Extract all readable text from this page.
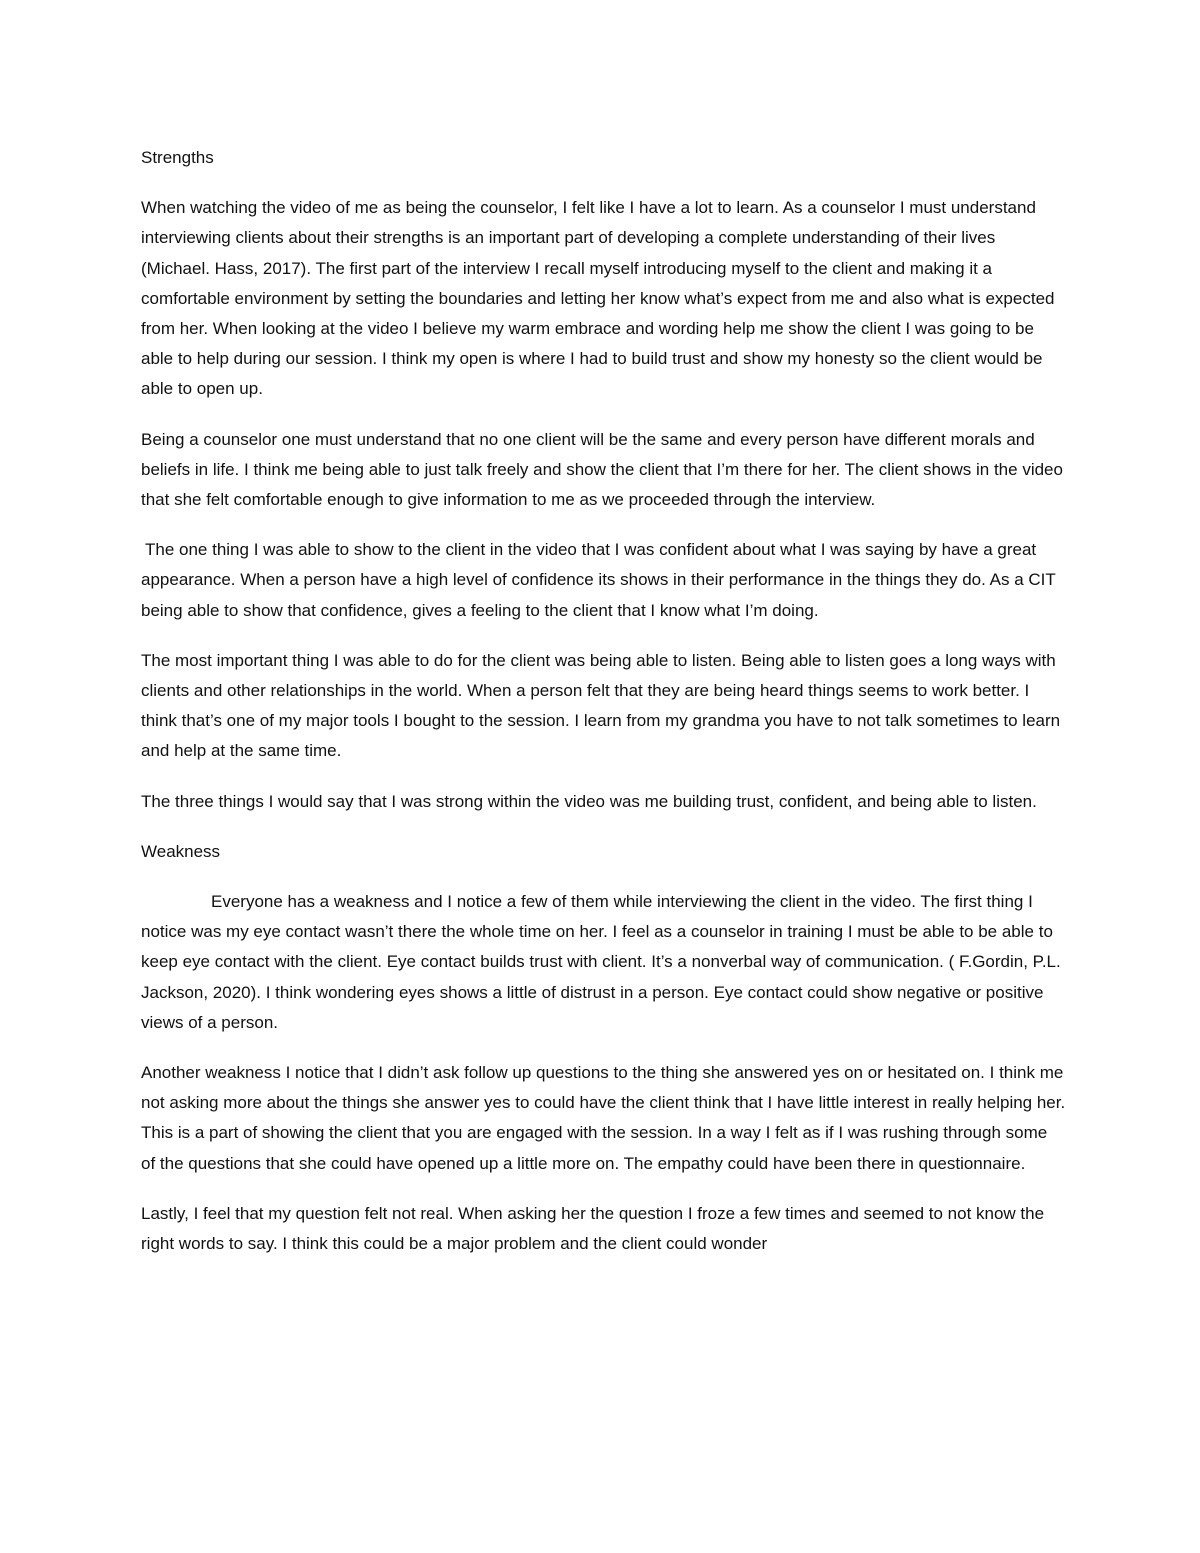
Strengths

When watching the video of me as being the counselor, I felt like I have a lot to learn. As a counselor I must understand interviewing clients about their strengths is an important part of developing a complete understanding of their lives (Michael. Hass, 2017). The first part of the interview I recall myself introducing myself to the client and making it a comfortable environment by setting the boundaries and letting her know what’s expect from me and also what is expected from her. When looking at the video I believe my warm embrace and wording help me show the client I was going to be able to help during our session. I think my open is where I had to build trust and show my honesty so the client would be able to open up.

Being a counselor one must understand that no one client will be the same and every person have different morals and beliefs in life. I think me being able to just talk freely and show the client that I’m there for her. The client shows in the video that she felt comfortable enough to give information to me as we proceeded through the interview.

The one thing I was able to show to the client in the video that I was confident about what I was saying by have a great appearance. When a person have a high level of confidence its shows in their performance in the things they do. As a CIT being able to show that confidence, gives a feeling to the client that I know what I’m doing.

The most important thing I was able to do for the client was being able to listen. Being able to listen goes a long ways with clients and other relationships in the world. When a person felt that they are being heard things seems to work better. I think that’s one of my major tools I bought to the session. I learn from my grandma you have to not talk sometimes to learn and help at the same time.

The three things I would say that I was strong within the video was me building trust, confident, and being able to listen.

Weakness

Everyone has a weakness and I notice a few of them while interviewing the client in the video. The first thing I notice was my eye contact wasn’t there the whole time on her. I feel as a counselor in training I must be able to be able to keep eye contact with the client. Eye contact builds trust with client. It’s a nonverbal way of communication. ( F.Gordin, P.L. Jackson, 2020). I think wondering eyes shows a little of distrust in a person. Eye contact could show negative or positive views of a person.

Another weakness I notice that I didn’t ask follow up questions to the thing she answered yes on or hesitated on. I think me not asking more about the things she answer yes to could have the client think that I have little interest in really helping her. This is a part of showing the client that you are engaged with the session. In a way I felt as if I was rushing through some of the questions that she could have opened up a little more on. The empathy could have been there in questionnaire.

Lastly, I feel that my question felt not real. When asking her the question I froze a few times and seemed to not know the right words to say. I think this could be a major problem and the client could wonder
